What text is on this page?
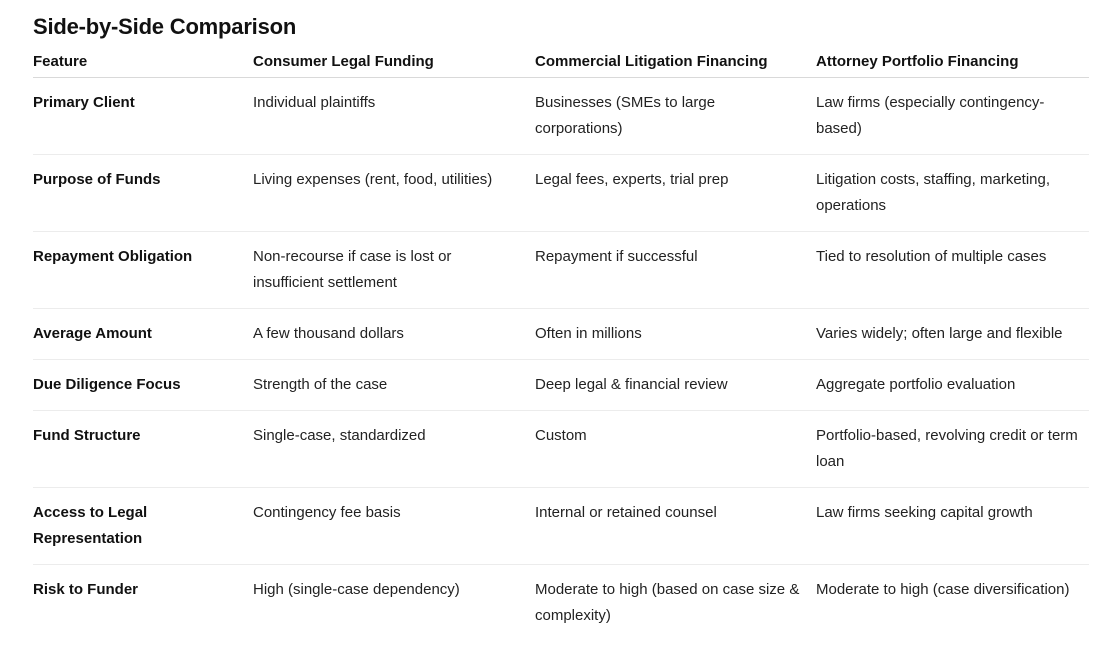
Side-by-Side Comparison
Feature	Consumer Legal Funding	Commercial Litigation Financing	Attorney Portfolio Financing
Primary Client	Individual plaintiffs	Businesses (SMEs to large corporations)	Law firms (especially contingency-based)
Purpose of Funds	Living expenses (rent, food, utilities)	Legal fees, experts, trial prep	Litigation costs, staffing, marketing, operations
Repayment Obligation	Non-recourse if case is lost or insufficient settlement	Repayment if successful	Tied to resolution of multiple cases
Average Amount	A few thousand dollars	Often in millions	Varies widely; often large and flexible
Due Diligence Focus	Strength of the case	Deep legal & financial review	Aggregate portfolio evaluation
Fund Structure	Single-case, standardized	Custom	Portfolio-based, revolving credit or term loan
Access to Legal Representation	Contingency fee basis	Internal or retained counsel	Law firms seeking capital growth
Risk to Funder	High (single-case dependency)	Moderate to high (based on case size & complexity)	Moderate to high (case diversification)
